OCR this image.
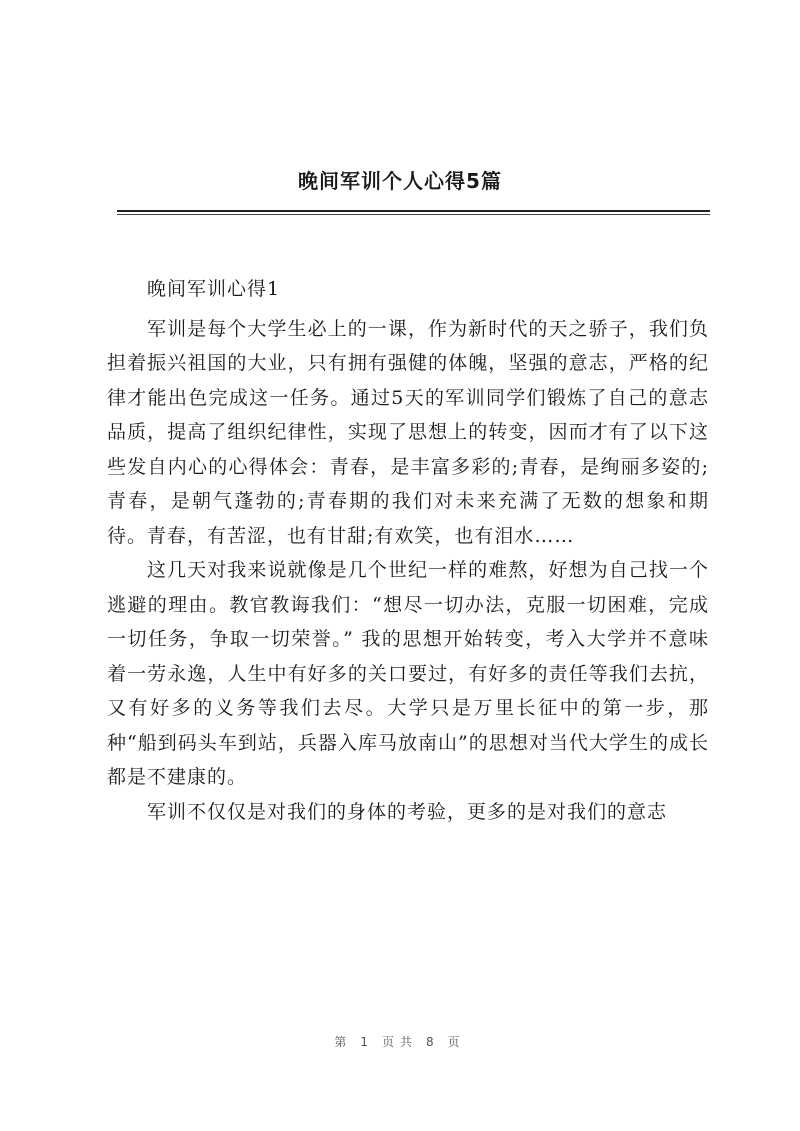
晚间军训个人心得5篇
晚间军训心得1

军训是每个大学生必上的一课，作为新时代的天之骄子，我们负担着振兴祖国的大业，只有拥有强健的体魄，坚强的意志，严格的纪律才能出色完成这一任务。通过5天的军训同学们锻炼了自己的意志品质，提高了组织纪律性，实现了思想上的转变，因而才有了以下这些发自内心的心得体会：青春，是丰富多彩的;青春，是绚丽多姿的;青春，是朝气蓬勃的;青春期的我们对未来充满了无数的想象和期待。青春，有苦涩，也有甘甜;有欢笑，也有泪水……

这几天对我来说就像是几个世纪一样的难熬，好想为自己找一个逃避的理由。教官教诲我们：“想尽一切办法，克服一切困难，完成一切任务，争取一切荣誉。” 我的思想开始转变，考入大学并不意味着一劳永逸，人生中有好多的关口要过，有好多的责任等我们去抗，又有好多的义务等我们去尽。大学只是万里长征中的第一步，那种“船到码头车到站，兵器入库马放南山”的思想对当代大学生的成长都是不建康的。

军训不仅仅是对我们的身体的考验，更多的是对我们的意志

第 1 页共 8 页
